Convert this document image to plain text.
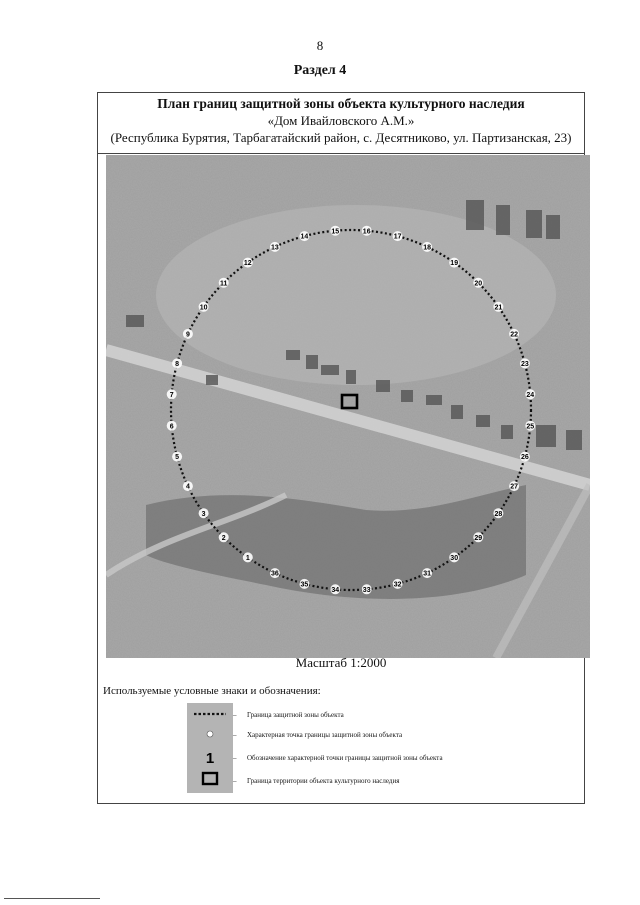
8
Раздел 4
План границ защитной зоны объекта культурного наследия
«Дом Ивайловского А.М.»
(Республика Бурятия, Тарбагатайский район, с. Десятниково, ул. Партизанская, 23)
1
2
3
4
5
6
7
8
9
10
11
12
13
14
15	16
17
18
19
20
21
22
23
24
25
26
27
28
29
30
31
32
33
34
35
36
Масштаб 1:2000
Используемые условные знаки и обозначения:
1
– Граница защитной зоны объекта
– Характерная точка границы защитной зоны объекта
– Обозначение характерной точки границы защитной зоны объекта
– Граница территории объекта культурного наследия
